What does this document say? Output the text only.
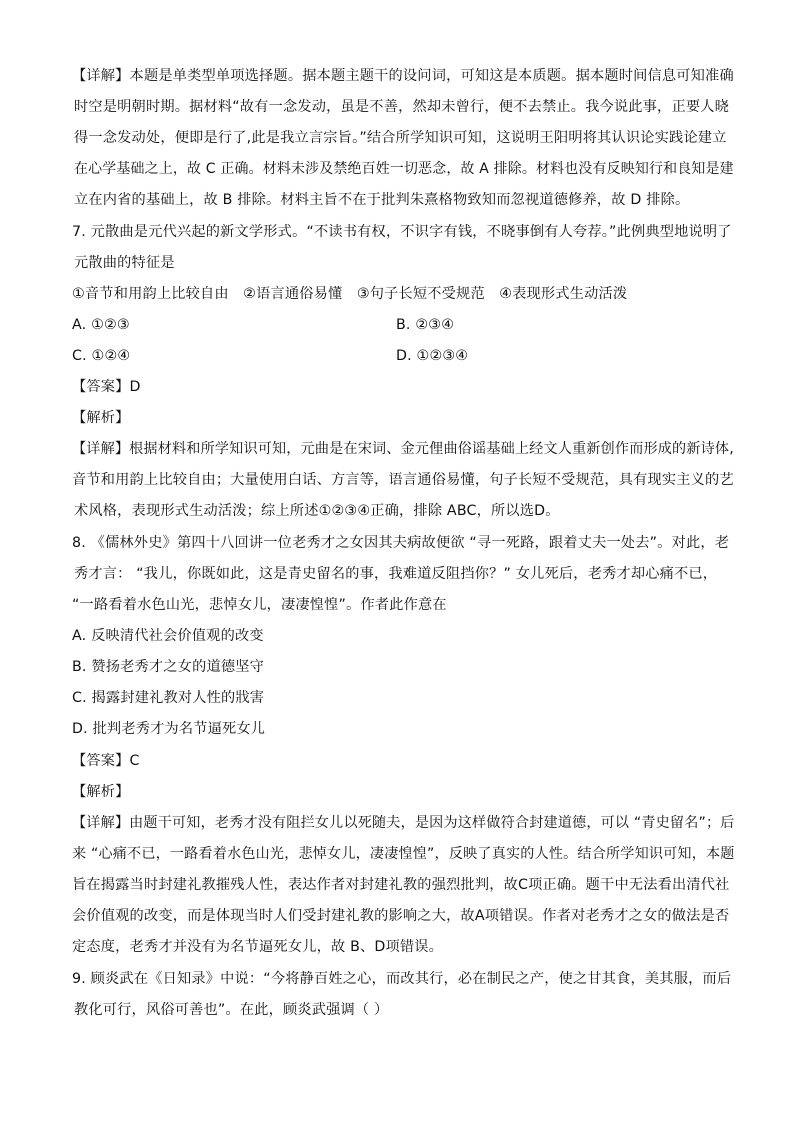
【详解】本题是单类型单项选择题。据本题主题干的设问词，可知这是本质题。据本题时间信息可知准确
时空是明朝时期。据材料“故有一念发动，虽是不善，然却未曾行，便不去禁止。我今说此事，正要人晓
得一念发动处，便即是行了,此是我立言宗旨。”结合所学知识可知，这说明王阳明将其认识论实践论建立
在心学基础之上，故 C 正确。材料未涉及禁绝百姓一切恶念，故 A 排除。材料也没有反映知行和良知是建
立在内省的基础上，故 B 排除。材料主旨不在于批判朱熹格物致知而忽视道德修养，故 D 排除。
7. 元散曲是元代兴起的新文学形式。“不读书有权，不识字有钱，不晓事倒有人夸荐。”此例典型地说明了
元散曲的特征是
①音节和用韵上比较自由　②语言通俗易懂　③句子长短不受规范　④表现形式生动活泼
A. ①②③	B. ②③④
C. ①②④	D. ①②③④
【答案】D
【解析】
【详解】根据材料和所学知识可知，元曲是在宋词、金元俚曲俗谣基础上经文人重新创作而形成的新诗体,
音节和用韵上比较自由；大量使用白话、方言等，语言通俗易懂，句子长短不受规范，具有现实主义的艺
术风格，表现形式生动活泼；综上所述①②③④正确，排除 ABC，所以选D。
8. 《儒林外史》第四十八回讲一位老秀才之女因其夫病故便欲 “寻一死路，跟着丈夫一处去”。对此，老
秀才言： “我儿，你既如此，这是青史留名的事，我难道反阻挡你？” 女儿死后，老秀才却心痛不已，
“一路看着水色山光，悲悼女儿，凄凄惶惶”。作者此作意在
A. 反映清代社会价值观的改变
B. 赞扬老秀才之女的道德坚守
C. 揭露封建礼教对人性的戕害
D. 批判老秀才为名节逼死女儿
【答案】C
【解析】
【详解】由题干可知，老秀才没有阻拦女儿以死随夫，是因为这样做符合封建道德，可以 “青史留名”；后
来 “心痛不已，一路看着水色山光，悲悼女儿，凄凄惶惶”，反映了真实的人性。结合所学知识可知，本题
旨在揭露当时封建礼教摧残人性，表达作者对封建礼教的强烈批判，故C项正确。题干中无法看出清代社
会价值观的改变，而是体现当时人们受封建礼教的影响之大，故A项错误。作者对老秀才之女的做法是否
定态度，老秀才并没有为名节逼死女儿，故 B、D项错误。
9. 顾炎武在《日知录》中说：“今将静百姓之心，而改其行，必在制民之产，使之甘其食，美其服，而后
教化可行，风俗可善也”。在此，顾炎武强调（ ）
